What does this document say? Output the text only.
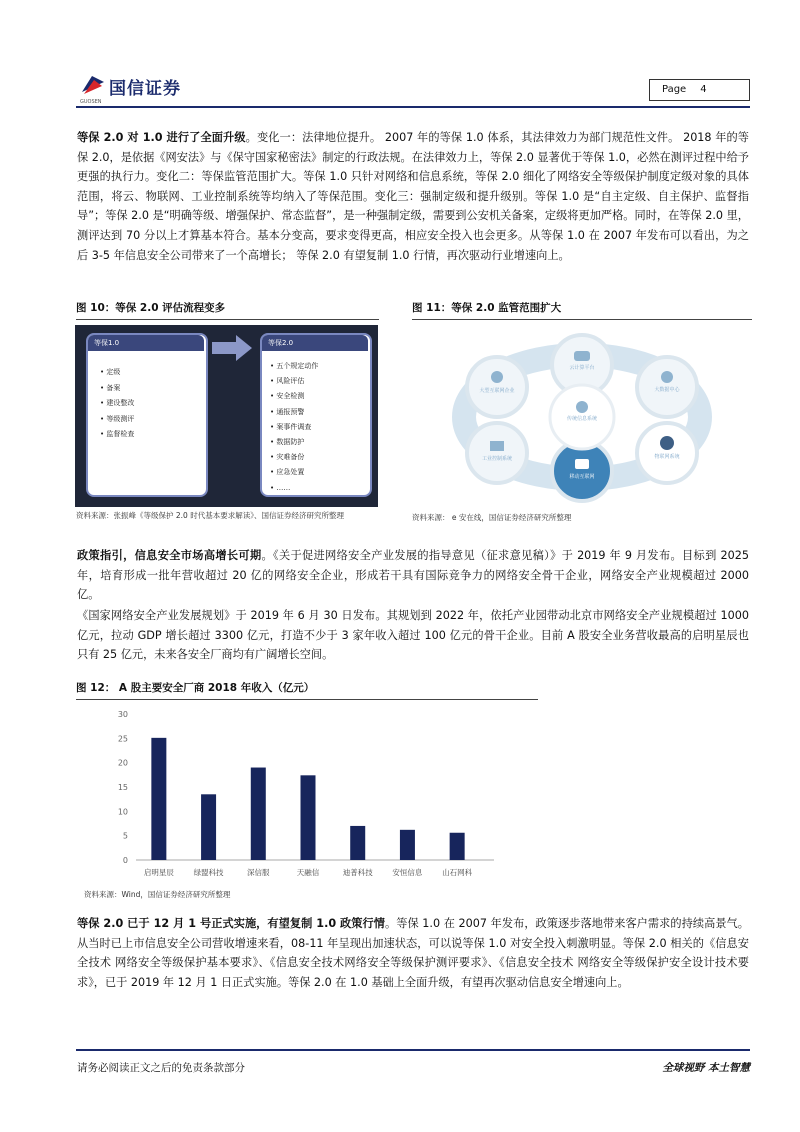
国信证券
GUOSEN
Page 4

等保 2.0 对 1.0 进行了全面升级。变化一：法律地位提升。 2007 年的等保 1.0 体系，其法律效力为部门规范性文件。 2018 年的等保 2.0，是依据《网安法》与《保守国家秘密法》制定的行政法规。在法律效力上，等保 2.0 显著优于等保 1.0，必然在测评过程中给予更强的执行力。变化二：等保监管范围扩大。等保 1.0 只针对网络和信息系统，等保 2.0 细化了网络安全等级保护制度定级对象的具体范围，将云、物联网、工业控制系统等均纳入了等保范围。变化三：强制定级和提升级别。等保 1.0 是“自主定级、自主保护、监督指导”；等保 2.0 是“明确等级、增强保护、常态监督”，是一种强制定级，需要到公安机关备案，定级将更加严格。同时，在等保 2.0 里，测评达到 70 分以上才算基本符合。基本分变高，要求变得更高，相应安全投入也会更多。从等保 1.0 在 2007 年发布可以看出，为之后 3-5 年信息安全公司带来了一个高增长； 等保 2.0 有望复制 1.0 行情，再次驱动行业增速向上。

图 10：等保 2.0 评估流程变多
等保1.0
• 定级
• 备案
• 建设整改
• 等级测评
• 监督检查
等保2.0
• 五个规定动作
• 风险评估
• 安全检测
• 通报预警
• 案事件调查
• 数据防护
• 灾难备份
• 应急处置
• ……
资料来源：张振峰《等级保护 2.0 时代基本要求解读》、国信证券经济研究所整理
图 11：等保 2.0 监管范围扩大
传统信息系统
云计算平台
大数据中心
物联网系统
移动互联网
工业控制系统
大型互联网企业
资料来源： e 安在线，国信证券经济研究所整理

政策指引，信息安全市场高增长可期。《关于促进网络安全产业发展的指导意见（征求意见稿）》于 2019 年 9 月发布。目标到 2025 年，培育形成一批年营收超过 20 亿的网络安全企业，形成若干具有国际竞争力的网络安全骨干企业，网络安全产业规模超过 2000 亿。

《国家网络安全产业发展规划》于 2019 年 6 月 30 日发布。其规划到 2022 年，依托产业园带动北京市网络安全产业规模超过 1000 亿元，拉动 GDP 增长超过 3300 亿元，打造不少于 3 家年收入超过 100 亿元的骨干企业。目前 A 股安全业务营收最高的启明星辰也只有 25 亿元，未来各安全厂商均有广阔增长空间。

图 12： A 股主要安全厂商 2018 年收入（亿元）
0
5
10
15
20
25
30
启明星辰	绿盟科技	深信服	天融信	迪普科技	安恒信息	山石网科
资料来源：Wind，国信证券经济研究所整理

等保 2.0 已于 12 月 1 号正式实施，有望复制 1.0 政策行情。等保 1.0 在 2007 年发布，政策逐步落地带来客户需求的持续高景气。从当时已上市信息安全公司营收增速来看，08-11 年呈现出加速状态，可以说等保 1.0 对安全投入刺激明显。等保 2.0 相关的《信息安全技术 网络安全等级保护基本要求》、《信息安全技术网络安全等级保护测评要求》、《信息安全技术 网络安全等级保护安全设计技术要求》，已于 2019 年 12 月 1 日正式实施。等保 2.0 在 1.0 基础上全面升级，有望再次驱动信息安全增速向上。

请务必阅读正文之后的免责条款部分	全球视野 本土智慧
